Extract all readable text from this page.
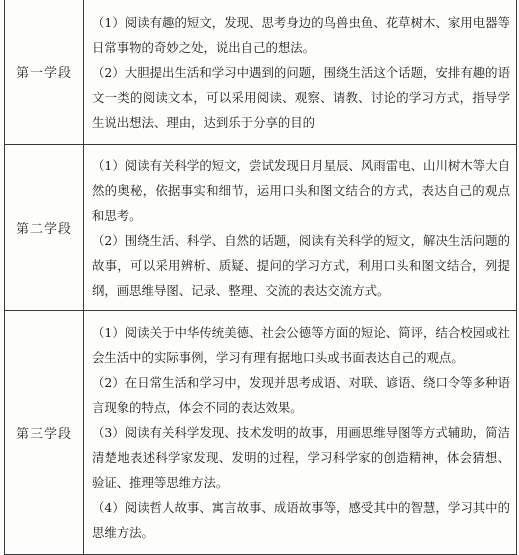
第一学段	（1）阅读有趣的短文，发现、思考身边的鸟兽虫鱼、花草树木、家用电器等日常事物的奇妙之处，说出自己的想法。
（2）大胆提出生活和学习中遇到的问题，围绕生活这个话题，安排有趣的语文一类的阅读文本，可以采用阅读、观察、请教、讨论的学习方式，指导学生说出想法、理由，达到乐于分享的目的

第二学段	（1）阅读有关科学的短文，尝试发现日月星辰、风雨雷电、山川树木等大自然的奥秘，依据事实和细节，运用口头和图文结合的方式，表达自己的观点和思考。
（2）围绕生活、科学、自然的话题，阅读有关科学的短文，解决生活问题的故事，可以采用辨析、质疑、提问的学习方式，利用口头和图文结合，列提纲，画思维导图、记录、整理、交流的表达交流方式。

第三学段	（1）阅读关于中华传统美德、社会公德等方面的短论、简评，结合校园或社会生活中的实际事例，学习有理有据地口头或书面表达自己的观点。
（2）在日常生活和学习中，发现并思考成语、对联、谚语、绕口令等多种语言现象的特点，体会不同的表达效果。
（3）阅读有关科学发现、技术发明的故事，用画思维导图等方式辅助，简洁清楚地表述科学家发现、发明的过程，学习科学家的创造精神，体会猜想、验证、推理等思维方法。
（4）阅读哲人故事、寓言故事、成语故事等，感受其中的智慧，学习其中的思维方法。
